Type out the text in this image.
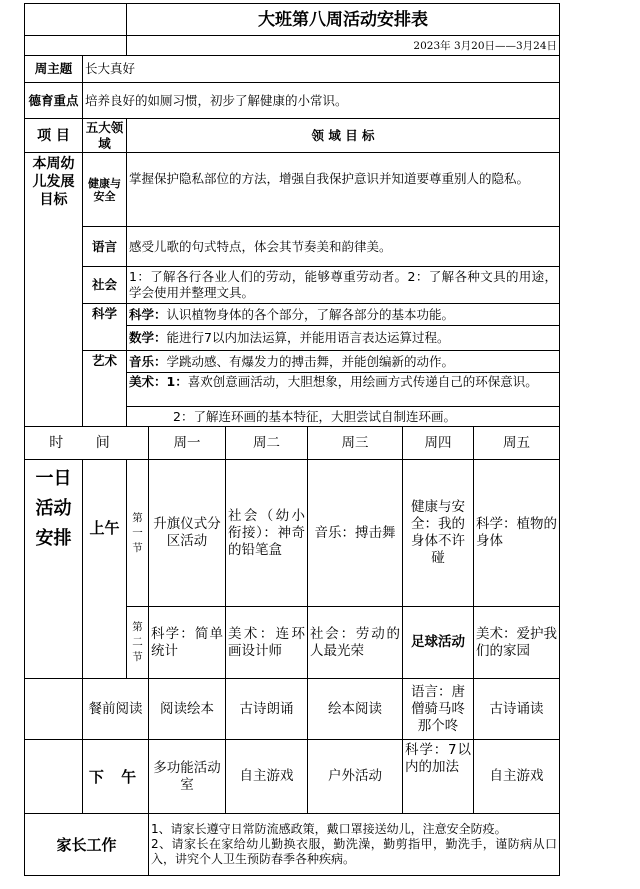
		大班第八周活动安排表					
		2023年 3月20日——3月24日					
周主题	长大真好						
德育重点	培养良好的如厕习惯，初步了解健康的小常识。						
项 目	五大领域	领 域 目 标					
本周幼儿发展目标	健康与安全	掌握保护隐私部位的方法，增强自我保护意识并知道要尊重别人的隐私。					
	语言	感受儿歌的句式特点，体会其节奏美和韵律美。					
	社会	1：了解各行各业人们的劳动，能够尊重劳动者。2：了解各种文具的用途，学会使用并整理文具。					
	科学	科学：认识植物身体的各个部分，了解各部分的基本功能。					
		数学：能进行7以内加法运算，并能用语言表达运算过程。					
	艺术	音乐：学跳动感、有爆发力的搏击舞，并能创编新的动作。					
		美术：1：喜欢创意画活动，大胆想象，用绘画方式传递自己的环保意识。					
		2：了解连环画的基本特征，大胆尝试自制连环画。					
时 间			周一	周二	周三	周四	周五
一日活动安排	上午	第一节	升旗仪式分区活动	社会（幼小衔接）：神奇的铅笔盒	音乐：搏击舞	健康与安全：我的身体不许碰	科学：植物的身体
		第二节	科学：简单统计	美术：连环画设计师	社会：劳动的人最光荣	足球活动	美术：爱护我们的家园
	餐前阅读		阅读绘本	古诗朗诵	绘本阅读	语言：唐僧骑马咚那个咚	古诗诵读
	下 午		多功能活动室	自主游戏	户外活动	科学：7以内的加法	自主游戏
家长工作			1、请家长遵守日常防流感政策，戴口罩接送幼儿，注意安全防疫。
2、请家长在家给幼儿勤换衣服，勤洗澡，勤剪指甲，勤洗手，谨防病从口入，讲究个人卫生预防春季各种疾病。				
